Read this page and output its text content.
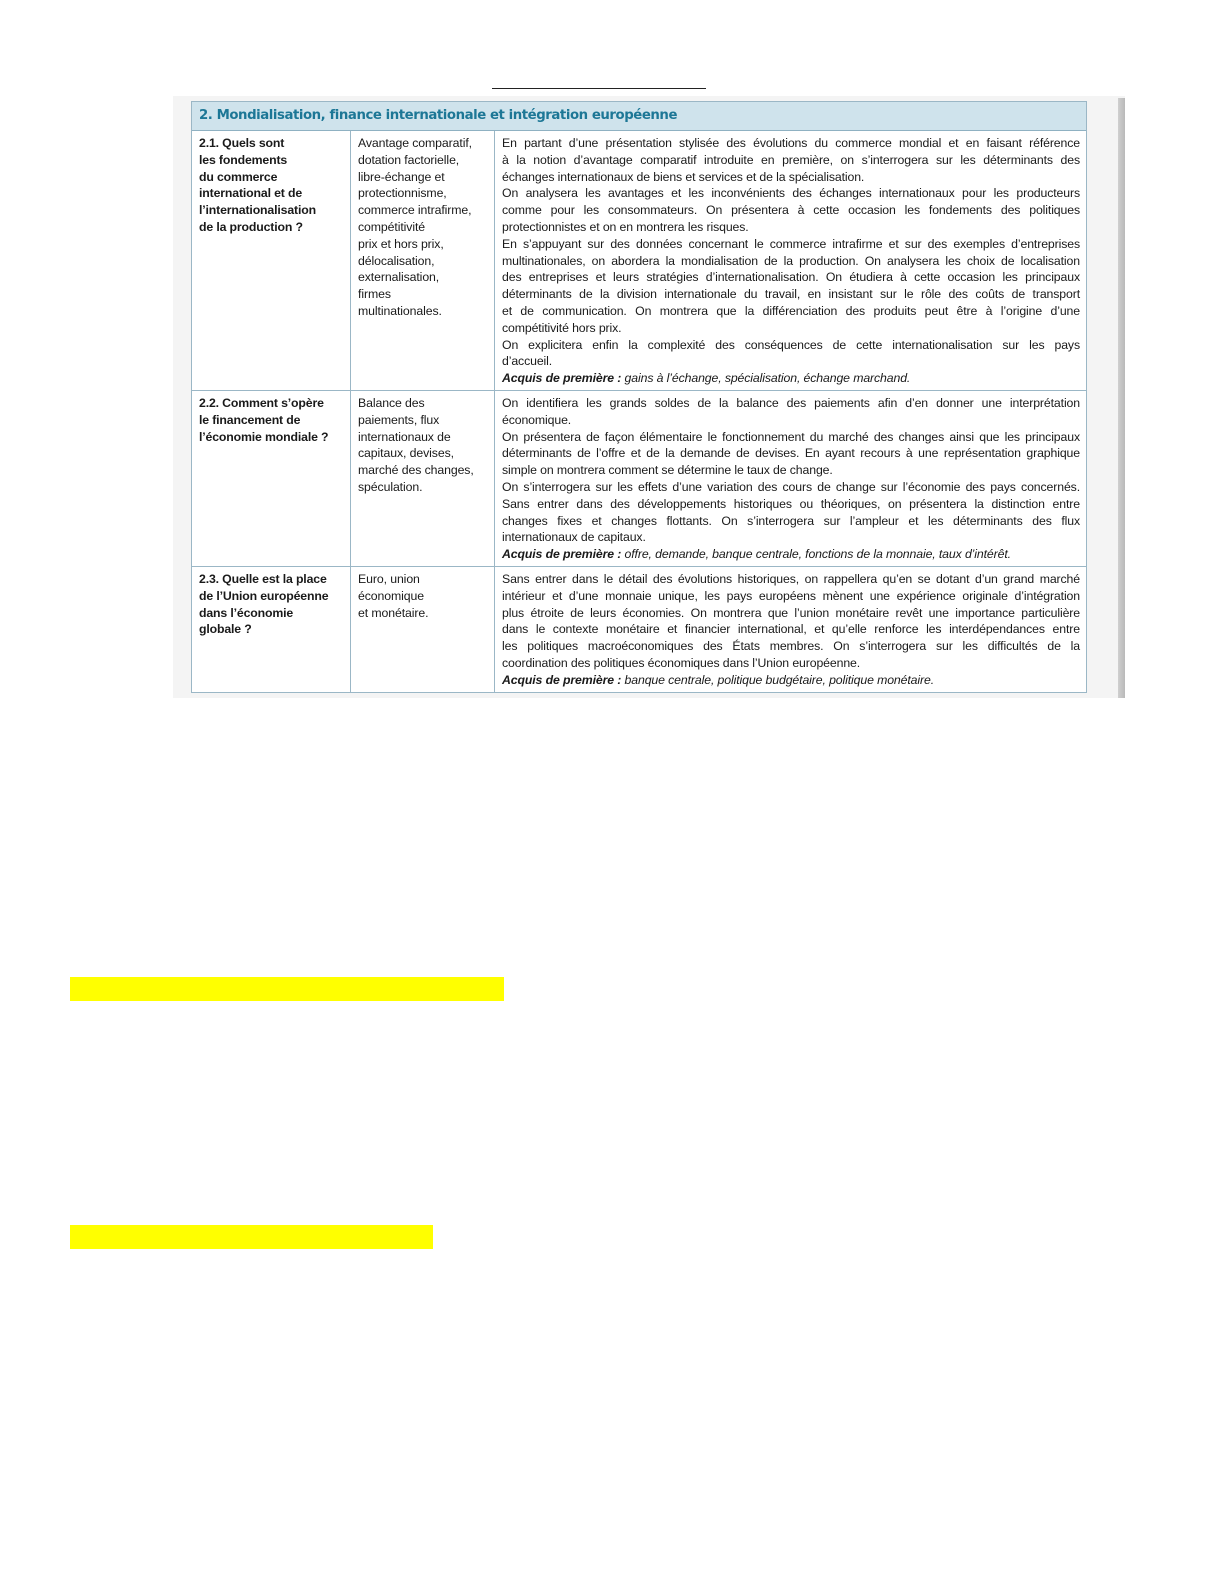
2. Mondialisation, finance internationale et intégration européenne
2.1. Quels sont
les fondements
du commerce
international et de
l’internationalisation
de la production ?
Avantage comparatif,
dotation factorielle,
libre-échange et
protectionnisme,
commerce intrafirme,
compétitivité
prix et hors prix,
délocalisation,
externalisation,
firmes
multinationales.
En partant d’une présentation stylisée des évolutions du commerce mondial et en faisant référence
à la notion d’avantage comparatif introduite en première, on s’interrogera sur les déterminants des
échanges internationaux de biens et services et de la spécialisation.
On analysera les avantages et les inconvénients des échanges internationaux pour les producteurs
comme pour les consommateurs. On présentera à cette occasion les fondements des politiques
protectionnistes et on en montrera les risques.
En s’appuyant sur des données concernant le commerce intrafirme et sur des exemples d’entreprises
multinationales, on abordera la mondialisation de la production. On analysera les choix de localisation
des entreprises et leurs stratégies d’internationalisation. On étudiera à cette occasion les principaux
déterminants de la division internationale du travail, en insistant sur le rôle des coûts de transport
et de communication. On montrera que la différenciation des produits peut être à l’origine d’une
compétitivité hors prix.
On explicitera enfin la complexité des conséquences de cette internationalisation sur les pays
d’accueil.
Acquis de première : gains à l’échange, spécialisation, échange marchand.
2.2. Comment s’opère
le financement de
l’économie mondiale ?
Balance des
paiements, flux
internationaux de
capitaux, devises,
marché des changes,
spéculation.
On identifiera les grands soldes de la balance des paiements afin d’en donner une interprétation
économique.
On présentera de façon élémentaire le fonctionnement du marché des changes ainsi que les principaux
déterminants de l’offre et de la demande de devises. En ayant recours à une représentation graphique
simple on montrera comment se détermine le taux de change.
On s’interrogera sur les effets d’une variation des cours de change sur l’économie des pays concernés.
Sans entrer dans des développements historiques ou théoriques, on présentera la distinction entre
changes fixes et changes flottants. On s’interrogera sur l’ampleur et les déterminants des flux
internationaux de capitaux.
Acquis de première : offre, demande, banque centrale, fonctions de la monnaie, taux d’intérêt.
2.3. Quelle est la place
de l’Union européenne
dans l’économie
globale ?
Euro, union
économique
et monétaire.
Sans entrer dans le détail des évolutions historiques, on rappellera qu’en se dotant d’un grand marché
intérieur et d’une monnaie unique, les pays européens mènent une expérience originale d’intégration
plus étroite de leurs économies. On montrera que l’union monétaire revêt une importance particulière
dans le contexte monétaire et financier international, et qu’elle renforce les interdépendances entre
les politiques macroéconomiques des États membres. On s’interrogera sur les difficultés de la
coordination des politiques économiques dans l’Union européenne.
Acquis de première : banque centrale, politique budgétaire, politique monétaire.
